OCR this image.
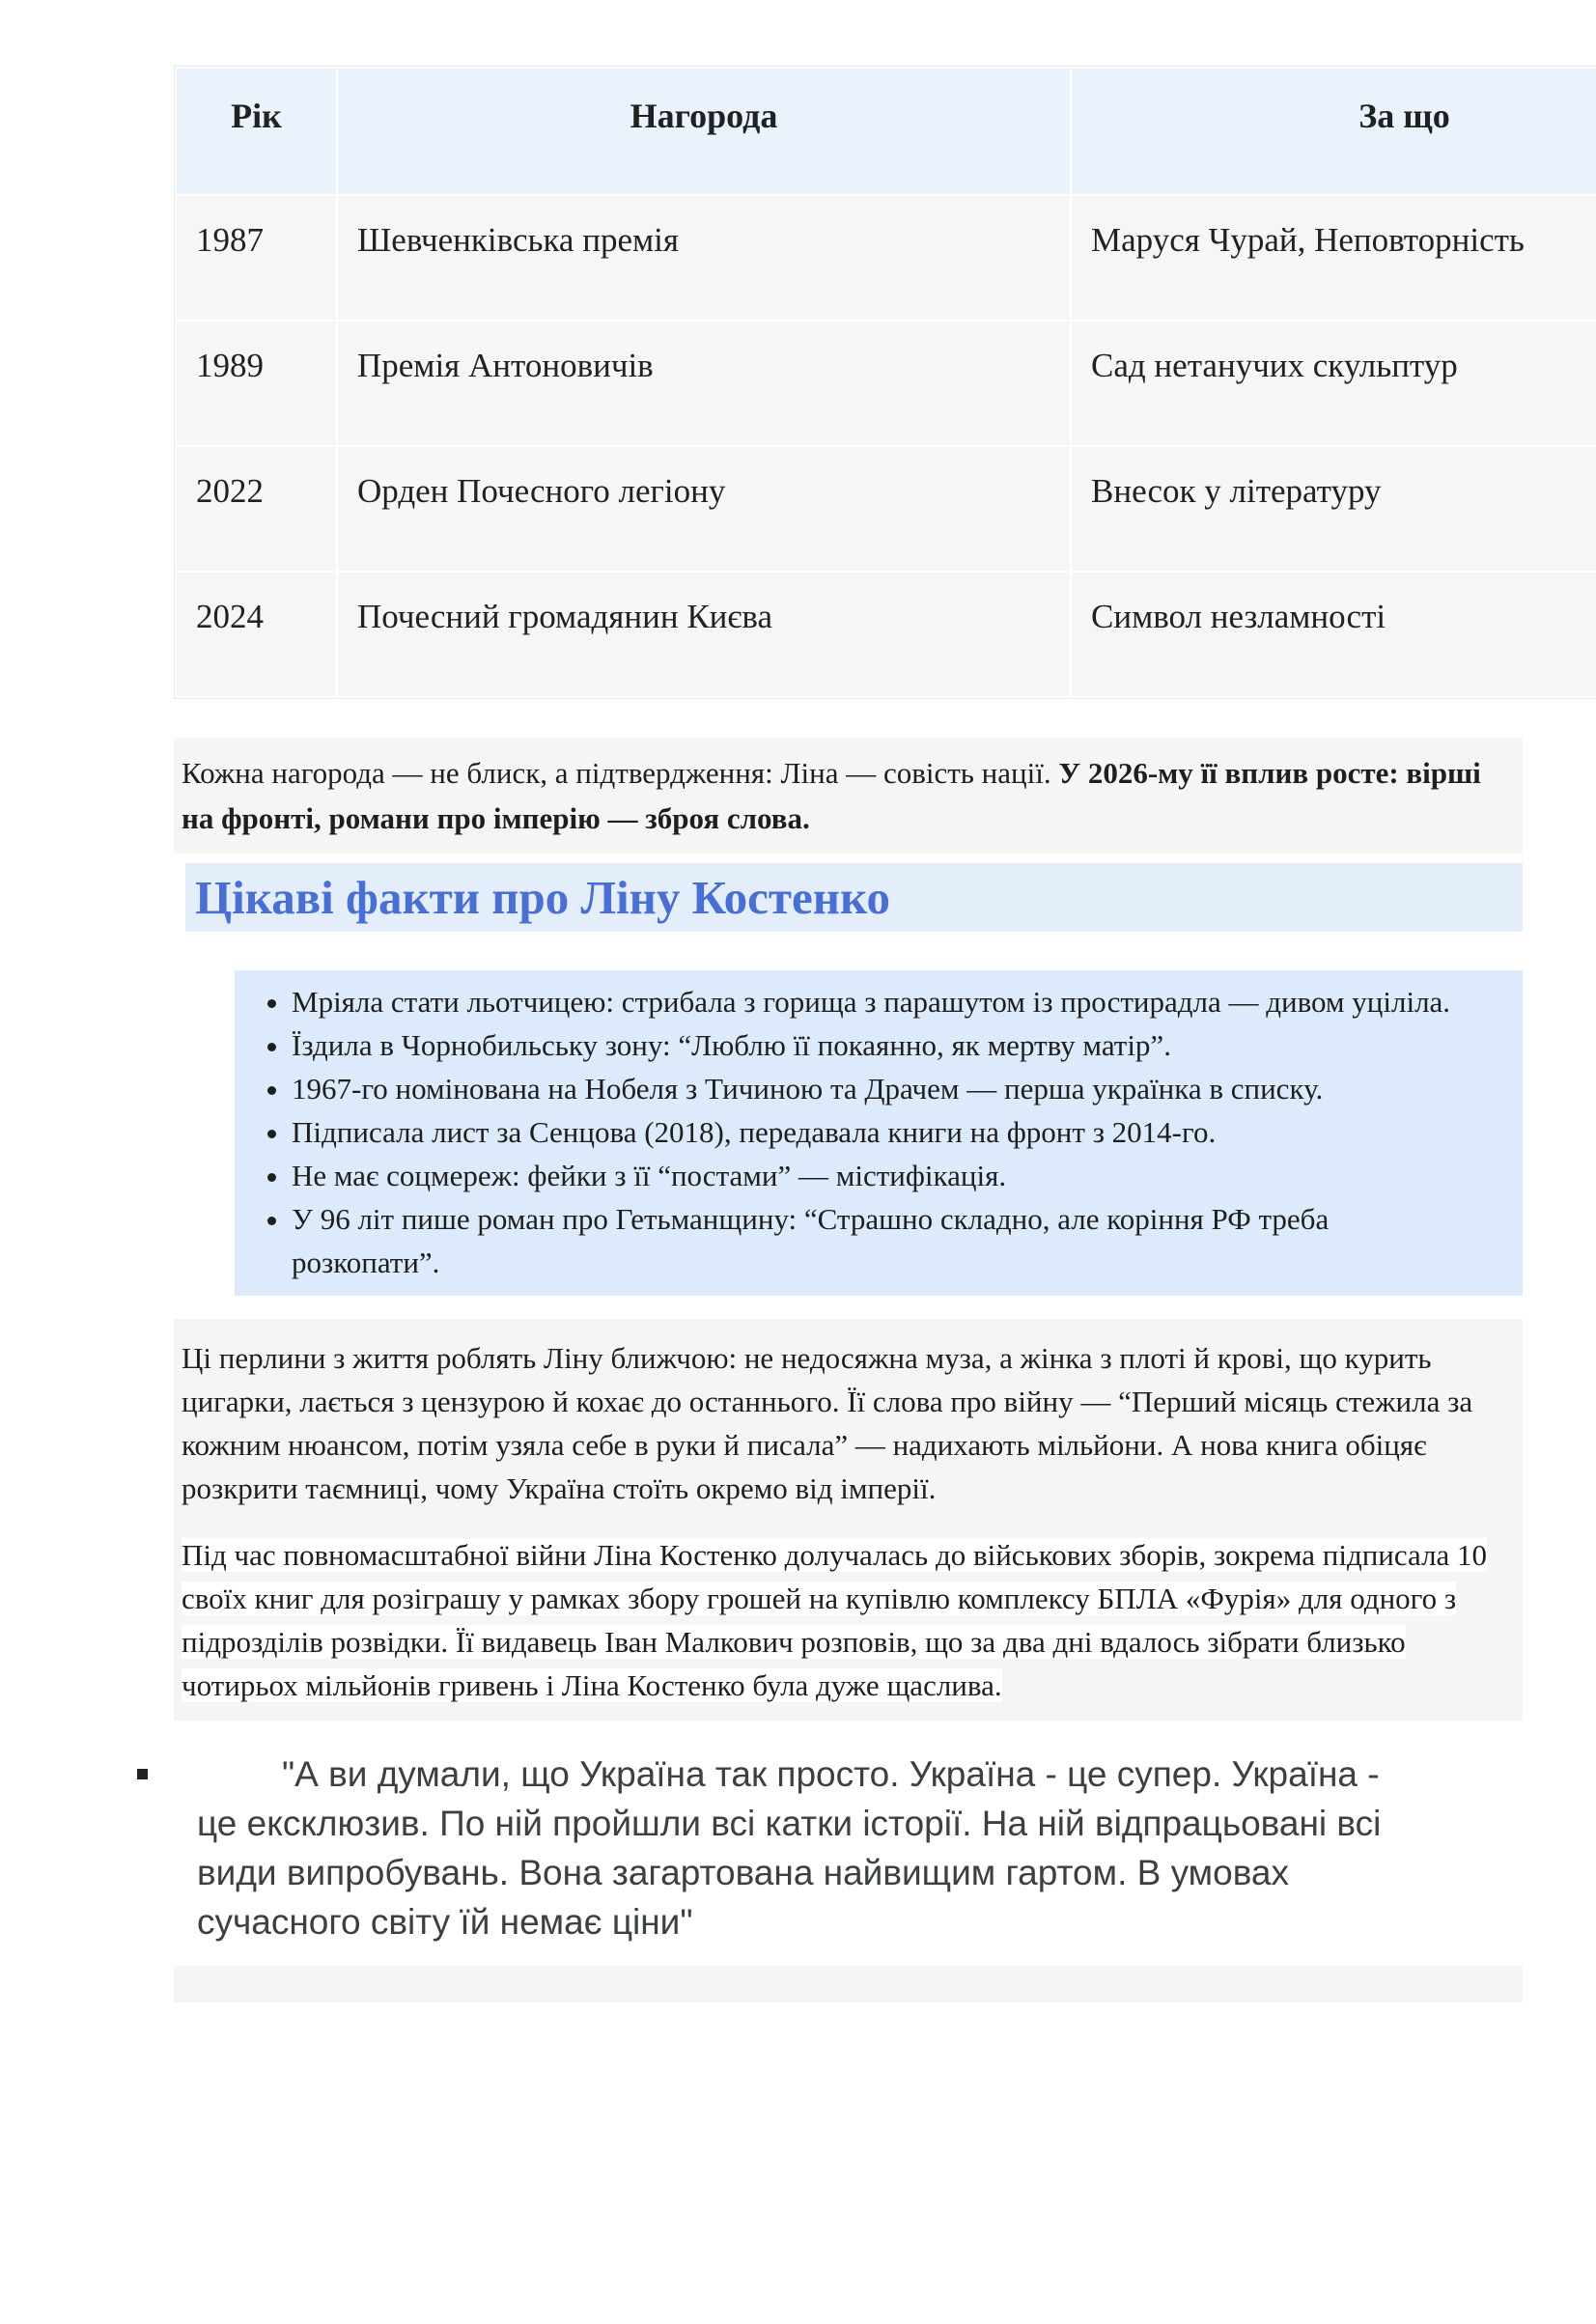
Рік	Нагорода	За що
1987	Шевченківська премія	Маруся Чурай, Неповторність
1989	Премія Антоновичів	Сад нетанучих скульптур
2022	Орден Почесного легіону	Внесок у літературу
2024	Почесний громадянин Києва	Символ незламності

Кожна нагорода — не блиск, а підтвердження: Ліна — совість нації. У 2026-му її вплив росте: вірші на фронті, романи про імперію — зброя слова.

Цікаві факти про Ліну Костенко
• Мріяла стати льотчицею: стрибала з горища з парашутом із простирадла — дивом уціліла.
• Їздила в Чорнобильську зону: “Люблю її покаянно, як мертву матір”.
• 1967-го номінована на Нобеля з Тичиною та Драчем — перша українка в списку.
• Підписала лист за Сенцова (2018), передавала книги на фронт з 2014-го.
• Не має соцмереж: фейки з її “постами” — містифікація.
• У 96 літ пише роман про Гетьманщину: “Страшно складно, але коріння РФ треба розкопати”.

Ці перлини з життя роблять Ліну ближчою: не недосяжна муза, а жінка з плоті й крові, що курить цигарки, лається з цензурою й кохає до останнього. Її слова про війну — “Перший місяць стежила за кожним нюансом, потім узяла себе в руки й писала” — надихають мільйони. А нова книга обіцяє розкрити таємниці, чому Україна стоїть окремо від імперії.

Під час повномасштабної війни Ліна Костенко долучалась до військових зборів, зокрема підписала 10 своїх книг для розіграшу у рамках збору грошей на купівлю комплексу БПЛА «Фурія» для одного з підрозділів розвідки. Її видавець Іван Малкович розповів, що за два дні вдалось зібрати близько чотирьох мільйонів гривень і Ліна Костенко була дуже щаслива.

"А ви думали, що Україна так просто. Україна - це супер. Україна - це ексклюзив. По ній пройшли всі катки історії. На ній відпрацьовані всі види випробувань. Вона загартована найвищим гартом. В умовах сучасного світу їй немає ціни"
